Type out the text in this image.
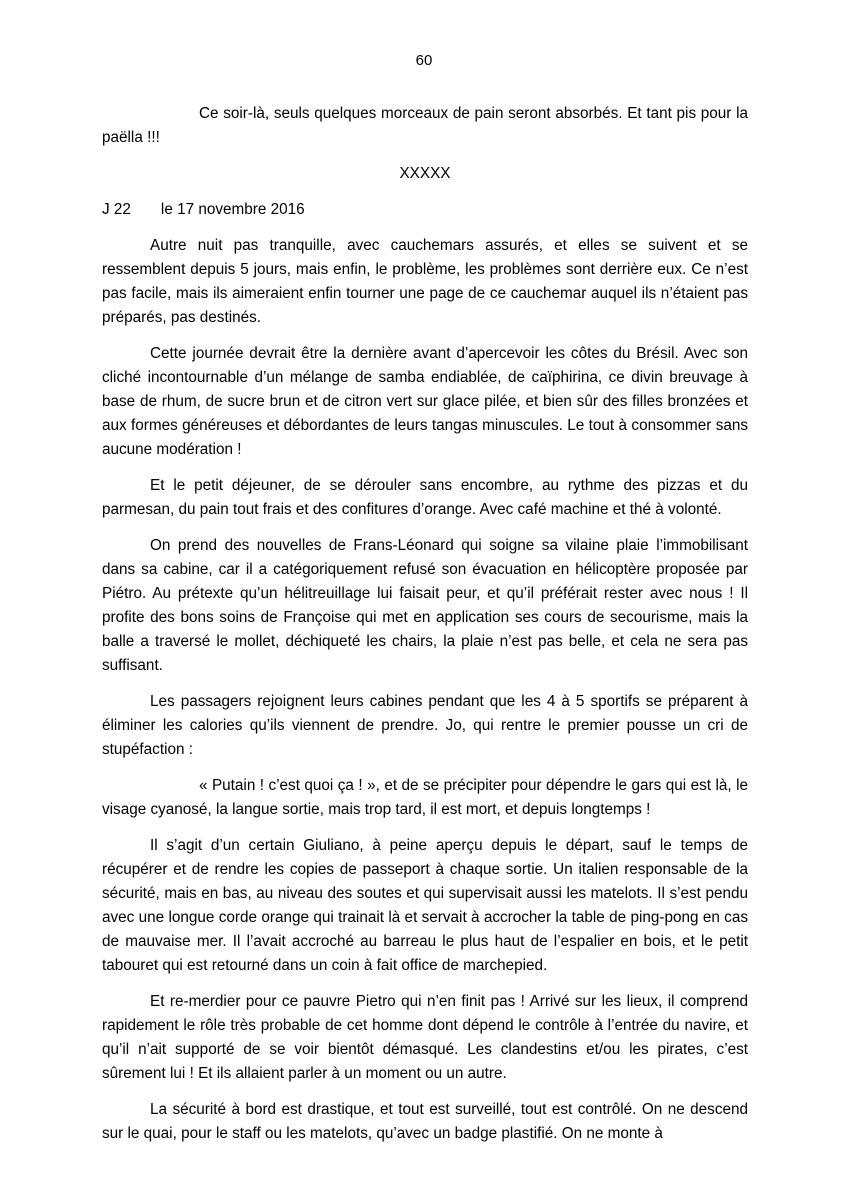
60

Ce soir-là, seuls quelques morceaux de pain seront absorbés. Et tant pis pour la paëlla !!!

XXXXX

J 22 le 17 novembre 2016

Autre nuit pas tranquille, avec cauchemars assurés, et elles se suivent et se ressemblent depuis 5 jours, mais enfin, le problème, les problèmes sont derrière eux. Ce n’est pas facile, mais ils aimeraient enfin tourner une page de ce cauchemar auquel ils n’étaient pas préparés, pas destinés.

Cette journée devrait être la dernière avant d’apercevoir les côtes du Brésil. Avec son cliché incontournable d’un mélange de samba endiablée, de caïphirina, ce divin breuvage à base de rhum, de sucre brun et de citron vert sur glace pilée, et bien sûr des filles bronzées et aux formes généreuses et débordantes de leurs tangas minuscules. Le tout à consommer sans aucune modération !

Et le petit déjeuner, de se dérouler sans encombre, au rythme des pizzas et du parmesan, du pain tout frais et des confitures d’orange. Avec café machine et thé à volonté.

On prend des nouvelles de Frans-Léonard qui soigne sa vilaine plaie l’immobilisant dans sa cabine, car il a catégoriquement refusé son évacuation en hélicoptère proposée par Piétro. Au prétexte qu’un hélitreuillage lui faisait peur, et qu’il préférait rester avec nous ! Il profite des bons soins de Françoise qui met en application ses cours de secourisme, mais la balle a traversé le mollet, déchiqueté les chairs, la plaie n’est pas belle, et cela ne sera pas suffisant.

Les passagers rejoignent leurs cabines pendant que les 4 à 5 sportifs se préparent à éliminer les calories qu’ils viennent de prendre. Jo, qui rentre le premier pousse un cri de stupéfaction :

« Putain ! c’est quoi ça ! », et de se précipiter pour dépendre le gars qui est là, le visage cyanosé, la langue sortie, mais trop tard, il est mort, et depuis longtemps !

Il s’agit d’un certain Giuliano, à peine aperçu depuis le départ, sauf le temps de récupérer et de rendre les copies de passeport à chaque sortie. Un italien responsable de la sécurité, mais en bas, au niveau des soutes et qui supervisait aussi les matelots. Il s’est pendu avec une longue corde orange qui trainait là et servait à accrocher la table de ping-pong en cas de mauvaise mer. Il l’avait accroché au barreau le plus haut de l’espalier en bois, et le petit tabouret qui est retourné dans un coin à fait office de marchepied.

Et re-merdier pour ce pauvre Pietro qui n’en finit pas ! Arrivé sur les lieux, il comprend rapidement le rôle très probable de cet homme dont dépend le contrôle à l’entrée du navire, et qu’il n’ait supporté de se voir bientôt démasqué. Les clandestins et/ou les pirates, c’est sûrement lui ! Et ils allaient parler à un moment ou un autre.

La sécurité à bord est drastique, et tout est surveillé, tout est contrôlé. On ne descend sur le quai, pour le staff ou les matelots, qu’avec un badge plastifié. On ne monte à
